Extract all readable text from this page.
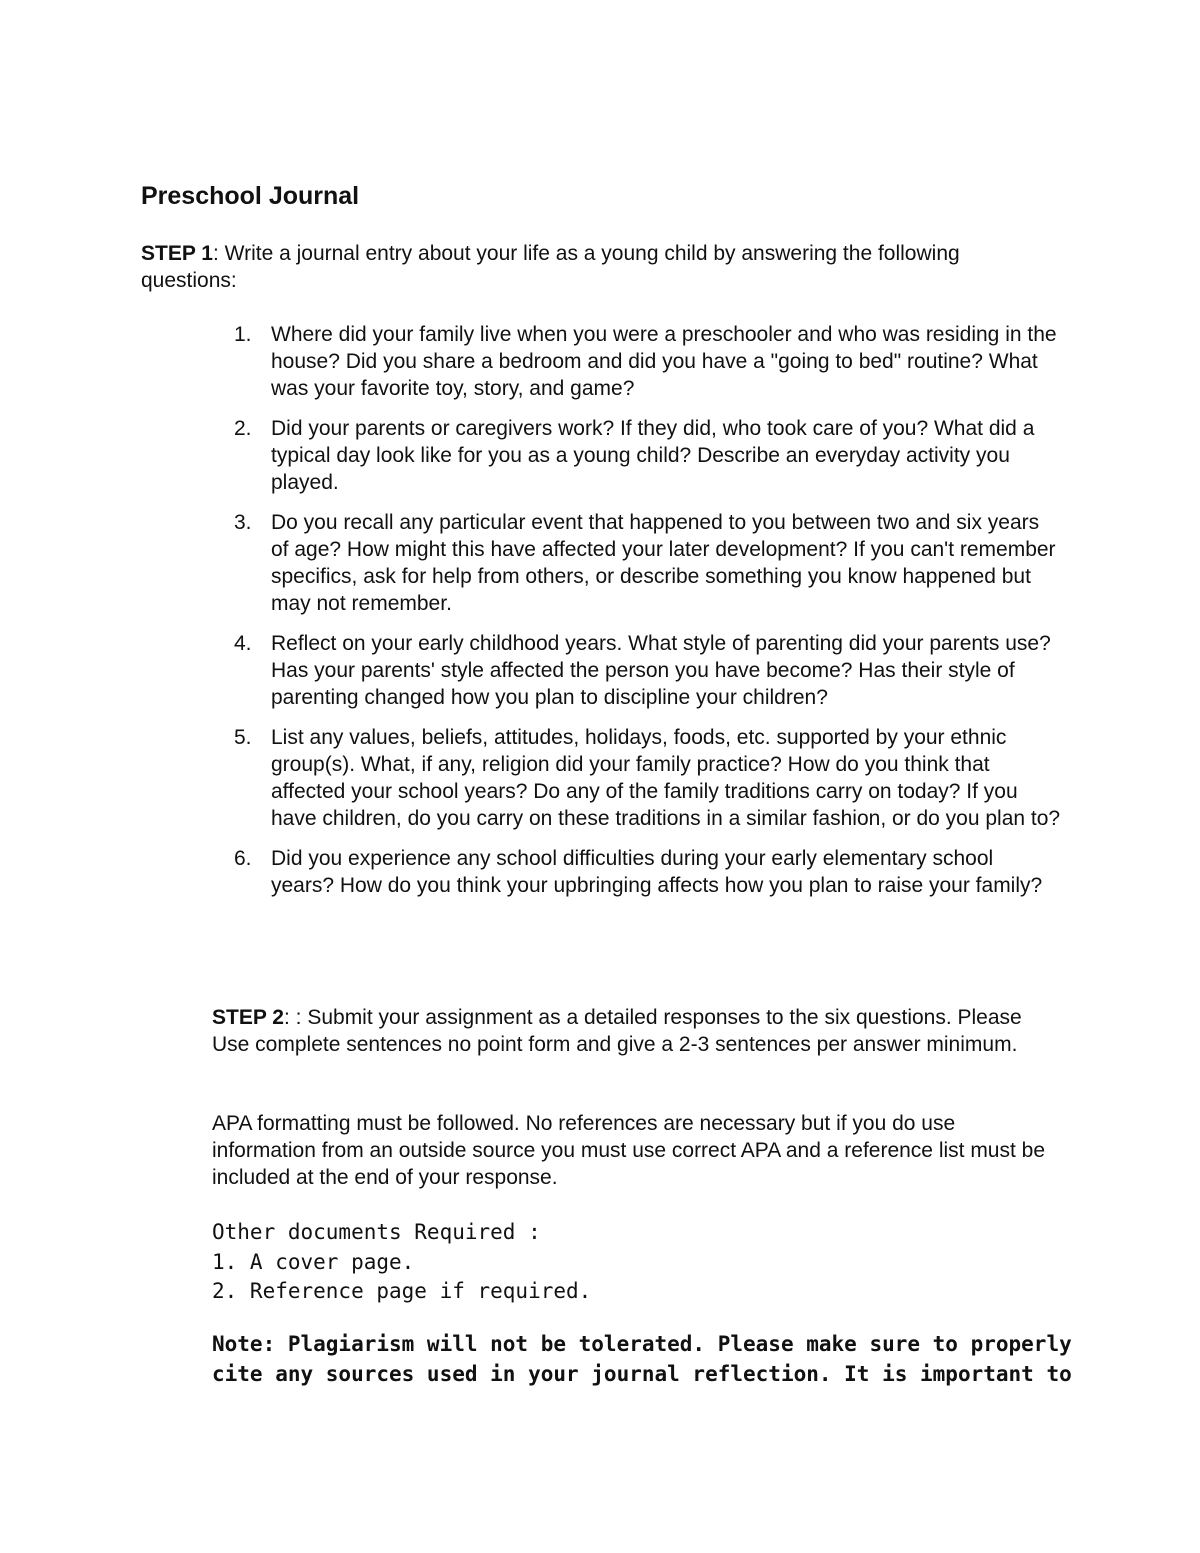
Preschool Journal

STEP 1: Write a journal entry about your life as a young child by answering the following questions:

1. Where did your family live when you were a preschooler and who was residing in the house? Did you share a bedroom and did you have a "going to bed" routine? What was your favorite toy, story, and game?
2. Did your parents or caregivers work? If they did, who took care of you? What did a typical day look like for you as a young child? Describe an everyday activity you played.
3. Do you recall any particular event that happened to you between two and six years of age? How might this have affected your later development? If you can't remember specifics, ask for help from others, or describe something you know happened but may not remember.
4. Reflect on your early childhood years. What style of parenting did your parents use? Has your parents' style affected the person you have become? Has their style of parenting changed how you plan to discipline your children?
5. List any values, beliefs, attitudes, holidays, foods, etc. supported by your ethnic group(s). What, if any, religion did your family practice? How do you think that affected your school years? Do any of the family traditions carry on today? If you have children, do you carry on these traditions in a similar fashion, or do you plan to?
6. Did you experience any school difficulties during your early elementary school years? How do you think your upbringing affects how you plan to raise your family?

STEP 2: : Submit your assignment as a detailed responses to the six questions. Please Use complete sentences no point form and give a 2-3 sentences per answer minimum.

APA formatting must be followed. No references are necessary but if you do use information from an outside source you must use correct APA and a reference list must be included at the end of your response.

Other documents Required :
1. A cover page.
2. Reference page if required.

Note: Plagiarism will not be tolerated. Please make sure to properly cite any sources used in your journal reflection. It is important to
